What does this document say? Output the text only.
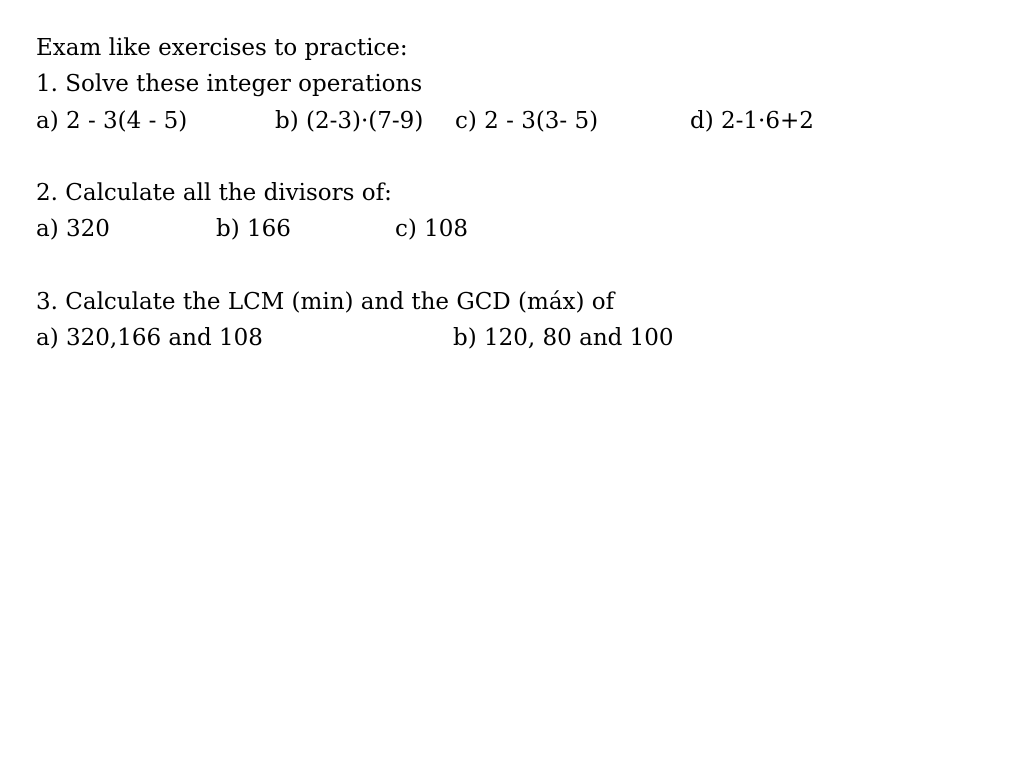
Exam like exercises to practice:
1. Solve these integer operations
a) 2 - 3(4 - 5)	b) (2-3)·(7-9) c) 2 - 3(3- 5)	d) 2-1·6+2
2. Calculate all the divisors of:
a) 320	b) 166	c) 108
3. Calculate the LCM (min) and the GCD (máx) of
a) 320,166 and 108	b) 120, 80 and 100
